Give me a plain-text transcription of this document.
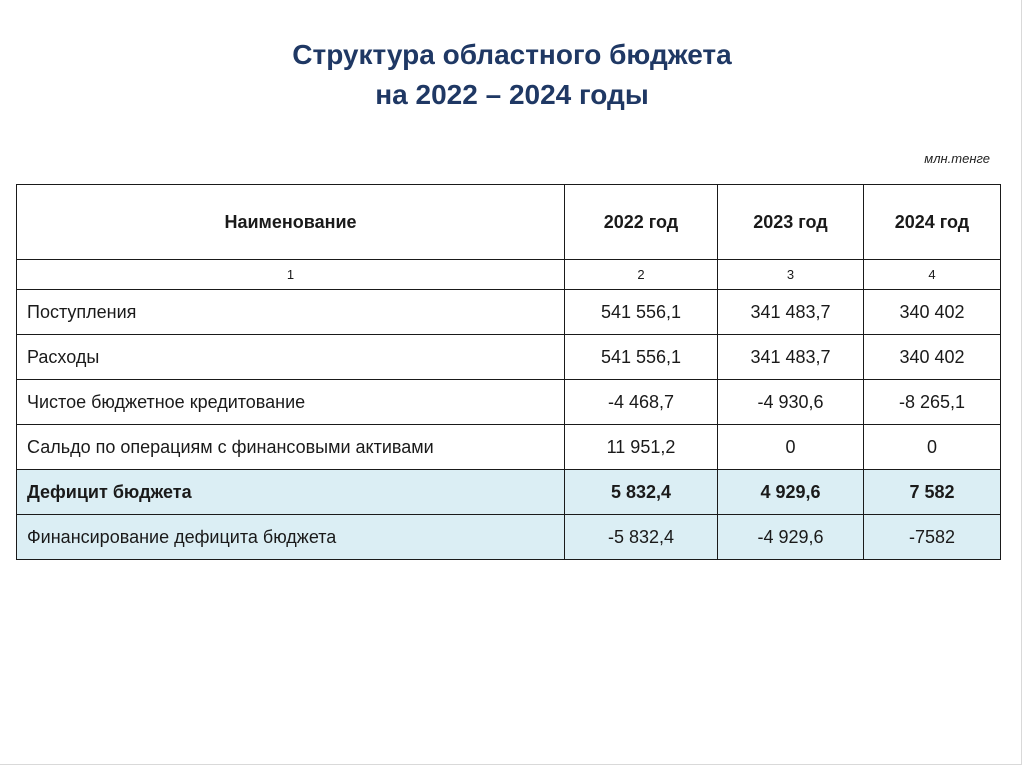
Структура областного бюджета
на 2022 – 2024 годы
млн.тенге
Наименование	2022 год	2023 год	2024 год
1	2	3	4
Поступления	541 556,1	341 483,7	340 402
Расходы	541 556,1	341 483,7	340 402
Чистое бюджетное кредитование	-4 468,7	-4 930,6	-8 265,1
Сальдо по операциям с финансовыми активами	11 951,2	0	0
Дефицит бюджета	5 832,4	4 929,6	7 582
Финансирование дефицита бюджета	-5 832,4	-4 929,6	-7582
